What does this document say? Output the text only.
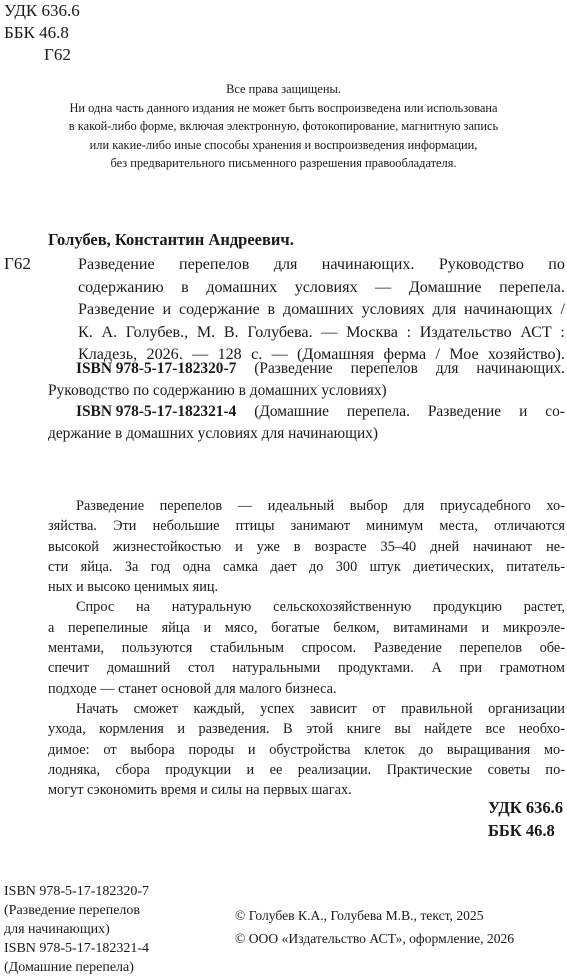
УДК 636.6
ББК 46.8
Г62
Все права защищены.
Ни одна часть данного издания не может быть воспроизведена или использована
в какой-либо форме, включая электронную, фотокопирование, магнитную запись
или какие-либо иные способы хранения и воспроизведения информации,
без предварительного письменного разрешения правообладателя.
Голубев, Константин Андреевич.
Г62	Разведение перепелов для начинающих. Руководство по
содержанию в домашних условиях — Домашние перепела.
Разведение и содержание в домашних условиях для начинающих /
К. А. Голубев., М. В. Голубева. — Москва : Издательство АСТ :
Кладезь, 2026. — 128 с. — (Домашняя ферма / Мое хозяйство).
ISBN 978-5-17-182320-7 (Разведение перепелов для начинающих.
Руководство по содержанию в домашних условиях)
ISBN 978-5-17-182321-4 (Домашние перепела. Разведение и со-
держание в домашних условиях для начинающих)
Разведение перепелов — идеальный выбор для приусадебного хо-
зяйства. Эти небольшие птицы занимают минимум места, отличаются
высокой жизнестойкостью и уже в возрасте 35–40 дней начинают не-
сти яйца. За год одна самка дает до 300 штук диетических, питатель-
ных и высоко ценимых яиц.
Спрос на натуральную сельскохозяйственную продукцию растет,
а перепелиные яйца и мясо, богатые белком, витаминами и микроэле-
ментами, пользуются стабильным спросом. Разведение перепелов обе-
спечит домашний стол натуральными продуктами. А при грамотном
подходе — станет основой для малого бизнеса.
Начать сможет каждый, успех зависит от правильной организации
ухода, кормления и разведения. В этой книге вы найдете все необхо-
димое: от выбора породы и обустройства клеток до выращивания мо-
лодняка, сбора продукции и ее реализации. Практические советы по-
могут сэкономить время и силы на первых шагах.
УДК 636.6
ББК 46.8
ISBN 978-5-17-182320-7
(Разведение перепелов
для начинающих)
ISBN 978-5-17-182321-4
(Домашние перепела)
© Голубев К.А., Голубева М.В., текст, 2025
© ООО «Издательство АСТ», оформление, 2026
